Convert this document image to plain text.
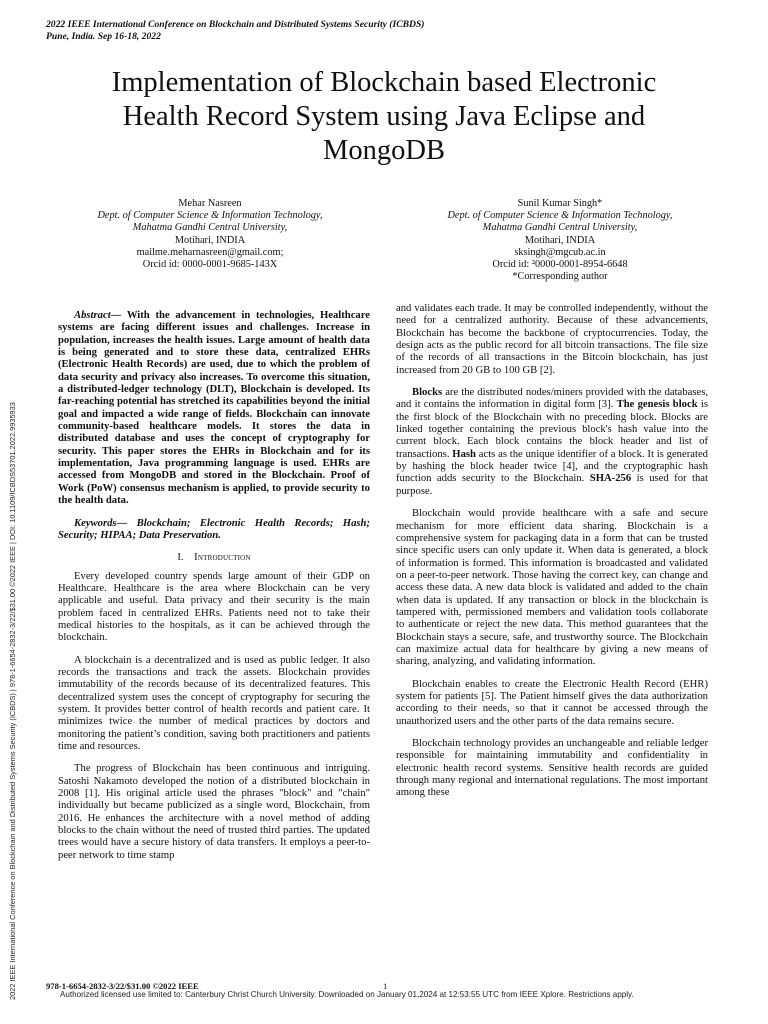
2022 IEEE International Conference on Blockchain and Distributed Systems Security (ICBDS)
Pune, India. Sep 16-18, 2022
Implementation of Blockchain based Electronic
Health Record System using Java Eclipse and
MongoDB
Mehar Nasreen
Dept. of Computer Science & Information Technology,
Mahatma Gandhi Central University,
Motihari, INDIA
mailme.meharnasreen@gmail.com;
Orcid id: 0000-0001-9685-143X
Sunil Kumar Singh*
Dept. of Computer Science & Information Technology,
Mahatma Gandhi Central University,
Motihari, INDIA
sksingh@mgcub.ac.in
Orcid id: ²0000-0001-8954-6648
*Corresponding author
2022 IEEE International Conference on Blockchain and Distributed Systems Security (ICBDS) | 978-1-6654-2832-3/22/$31.00 ©2022 IEEE | DOI: 10.1109/ICBDS53701.2022.9935933

Abstract— With the advancement in technologies, Healthcare systems are facing different issues and challenges. Increase in population, increases the health issues. Large amount of health data is being generated and to store these data, centralized EHRs (Electronic Health Records) are used, due to which the problem of data security and privacy also increases. To overcome this situation, a distributed-ledger technology (DLT), Blockchain is developed. Its far-reaching potential has stretched its capabilities beyond the initial goal and impacted a wide range of fields. Blockchain can innovate community-based healthcare models. It stores the data in distributed database and uses the concept of cryptography for security. This paper stores the EHRs in Blockchain and for its implementation, Java programming language is used. EHRs are accessed from MongoDB and stored in the Blockchain. Proof of Work (PoW) consensus mechanism is applied, to provide security to the health data.

Keywords— Blockchain; Electronic Health Records; Hash; Security; HIPAA; Data Preservation.

I. Introduction

Every developed country spends large amount of their GDP on Healthcare. Healthcare is the area where Blockchain can be very applicable and useful. Data privacy and their security is the main problem faced in centralized EHRs. Patients need not to take their medical histories to the hospitals, as it can be achieved through the blockchain.

A blockchain is a decentralized and is used as public ledger. It also records the transactions and track the assets. Blockchain provides immutability of the records because of its decentralized features. This decentralized system uses the concept of cryptography for securing the system. It provides better control of health records and patient care. It minimizes twice the number of medical practices by doctors and monitoring the patient’s condition, saving both practitioners and patients time and resources.

The progress of Blockchain has been continuous and intriguing. Satoshi Nakamoto developed the notion of a distributed blockchain in 2008 [1]. His original article used the phrases "block" and "chain" individually but became publicized as a single word, Blockchain, from 2016. He enhances the architecture with a novel method of adding blocks to the chain without the need of trusted third parties. The updated trees would have a secure history of data transfers. It employs a peer-to-peer network to time stamp

and validates each trade. It may be controlled independently, without the need for a centralized authority. Because of these advancements, Blockchain has become the backbone of cryptocurrencies. Today, the design acts as the public record for all bitcoin transactions. The file size of the records of all transactions in the Bitcoin blockchain, has just increased from 20 GB to 100 GB [2].

Blocks are the distributed nodes/miners provided with the databases, and it contains the information in digital form [3]. The genesis block is the first block of the Blockchain with no preceding block. Blocks are linked together containing the previous block's hash value into the current block. Each block contains the block header and list of transactions. Hash acts as the unique identifier of a block. It is generated by hashing the block header twice [4], and the cryptographic hash function adds security to the Blockchain. SHA-256 is used for that purpose.

Blockchain would provide healthcare with a safe and secure mechanism for more efficient data sharing. Blockchain is a comprehensive system for packaging data in a form that can be trusted since specific users can only update it. When data is generated, a block of information is formed. This information is broadcasted and validated on a peer-to-peer network. Those having the correct key, can change and access these data. A new data block is validated and added to the chain when data is updated. If any transaction or block in the blockchain is tampered with, permissioned members and validation tools collaborate to authenticate or reject the new data. This method guarantees that the Blockchain stays a secure, safe, and trustworthy source. The Blockchain can maximize actual data for healthcare by giving a new means of sharing, analyzing, and validating information.

Blockchain enables to create the Electronic Health Record (EHR) system for patients [5]. The Patient himself gives the data authorization according to their needs, so that it cannot be accessed through the unauthorized users and the other parts of the data remains secure.

Blockchain technology provides an unchangeable and reliable ledger responsible for maintaining immutability and confidentiality in electronic health record systems. Sensitive health records are guided through many regional and international regulations. The most important among these

978-1-6654-2832-3/22/$31.00 ©2022 IEEE	1
Authorized licensed use limited to: Canterbury Christ Church University. Downloaded on January 01,2024 at 12:53:55 UTC from IEEE Xplore. Restrictions apply.
